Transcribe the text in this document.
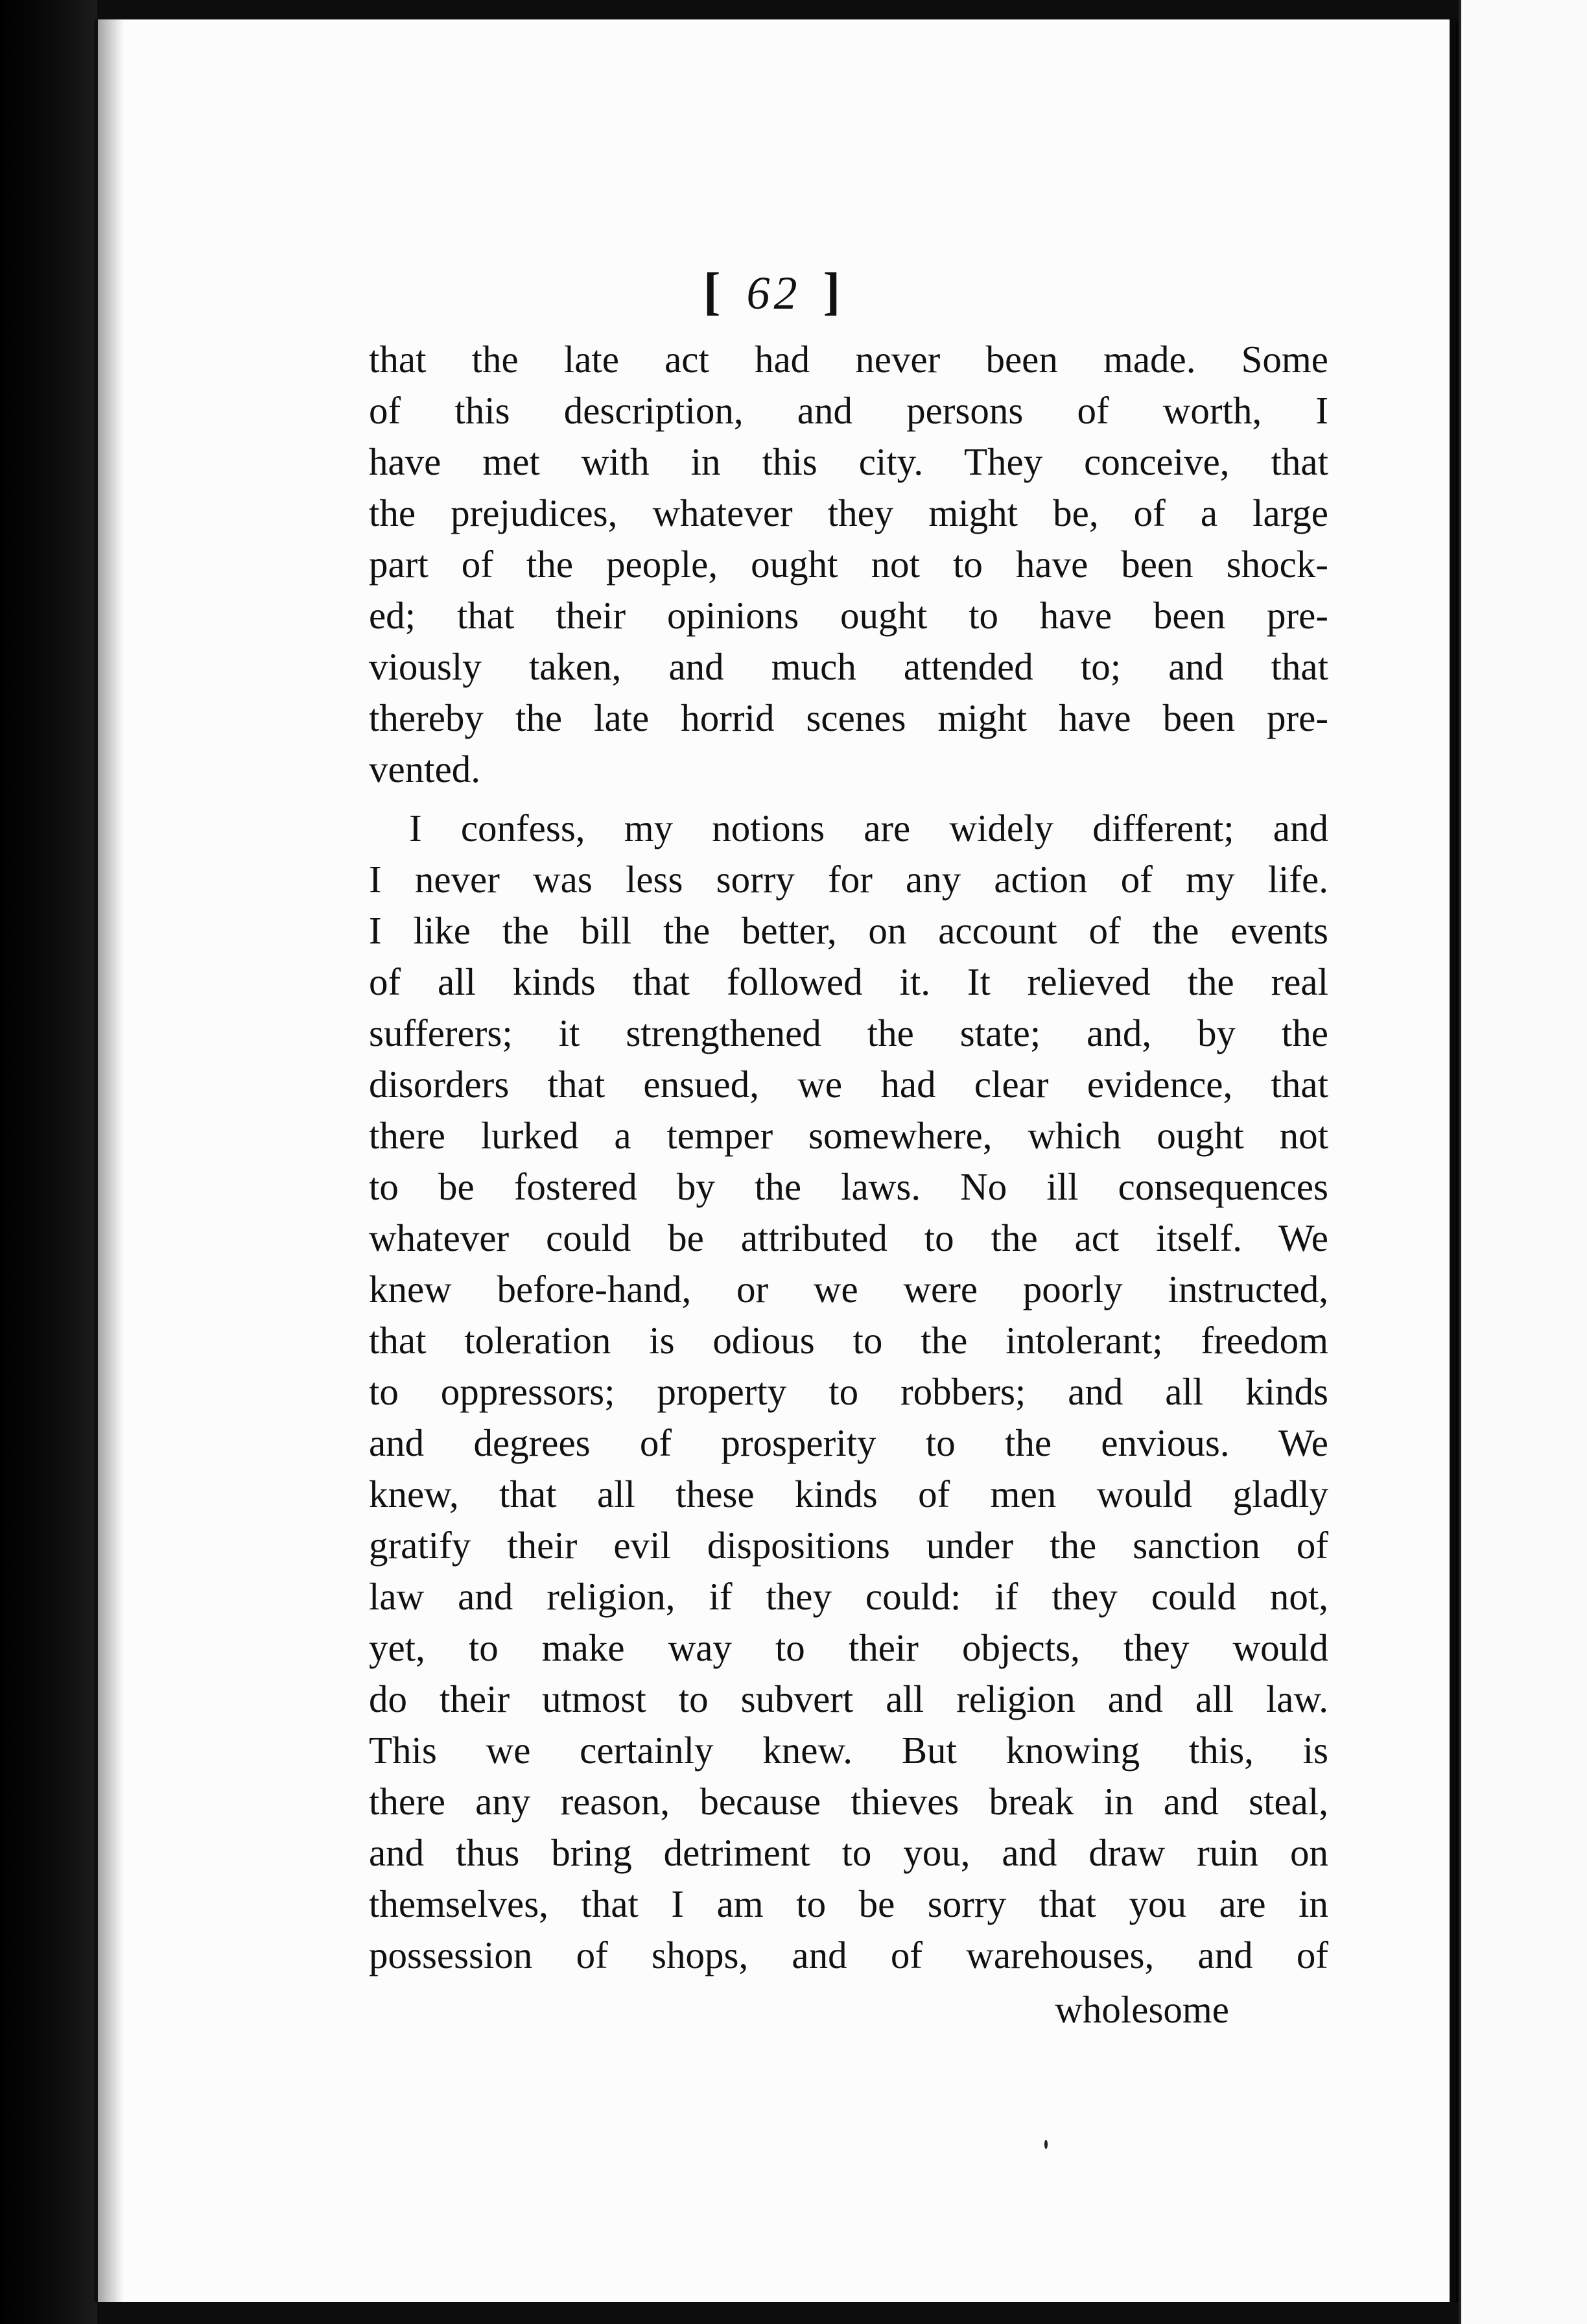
[ 62 ]
that the late act had never been made. Some
of this description, and persons of worth, I
have met with in this city. They conceive, that
the prejudices, whatever they might be, of a large
part of the people, ought not to have been shock-
ed; that their opinions ought to have been pre-
viously taken, and much attended to; and that
thereby the late horrid scenes might have been pre-
vented.
I confess, my notions are widely different; and
I never was less sorry for any action of my life.
I like the bill the better, on account of the events
of all kinds that followed it. It relieved the real
sufferers; it strengthened the state; and, by the
disorders that ensued, we had clear evidence, that
there lurked a temper somewhere, which ought not
to be fostered by the laws. No ill consequences
whatever could be attributed to the act itself. We
knew before-hand, or we were poorly instructed,
that toleration is odious to the intolerant; freedom
to oppressors; property to robbers; and all kinds
and degrees of prosperity to the envious. We
knew, that all these kinds of men would gladly
gratify their evil dispositions under the sanction of
law and religion, if they could: if they could not,
yet, to make way to their objects, they would
do their utmost to subvert all religion and all law.
This we certainly knew. But knowing this, is
there any reason, because thieves break in and steal,
and thus bring detriment to you, and draw ruin on
themselves, that I am to be sorry that you are in
possession of shops, and of warehouses, and of
wholesome
